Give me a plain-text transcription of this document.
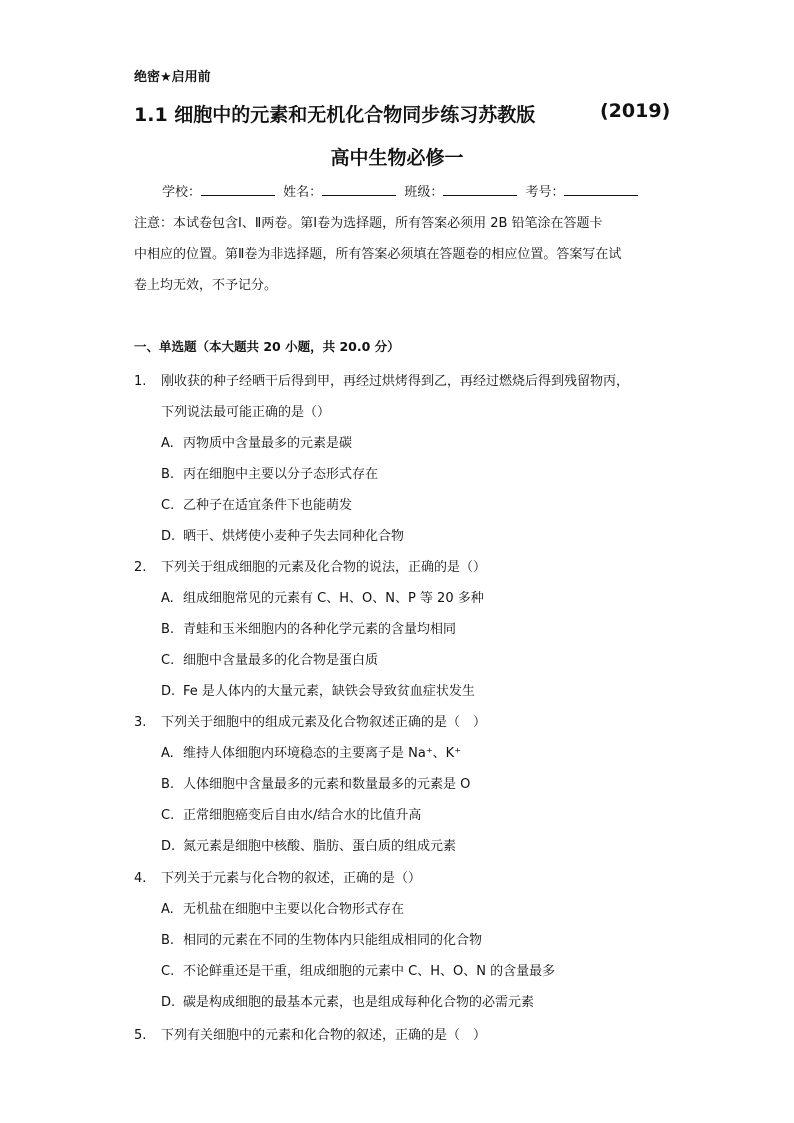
绝密★启用前
1.1 细胞中的元素和无机化合物同步练习苏教版	(2019)
高中生物必修一
学校：	姓名：	班级：	考号：
注意：本试卷包含Ⅰ、Ⅱ两卷。第Ⅰ卷为选择题，所有答案必须用 2B 铅笔涂在答题卡
中相应的位置。第Ⅱ卷为非选择题，所有答案必须填在答题卷的相应位置。答案写在试
卷上均无效，不予记分。
一、单选题（本大题共 20 小题，共 20.0 分）
1. 刚收获的种子经晒干后得到甲，再经过烘烤得到乙，再经过燃烧后得到残留物丙，
下列说法最可能正确的是（）
A. 丙物质中含量最多的元素是碳
B. 丙在细胞中主要以分子态形式存在
C. 乙种子在适宜条件下也能萌发
D. 晒干、烘烤使小麦种子失去同种化合物
2. 下列关于组成细胞的元素及化合物的说法，正确的是（）
A. 组成细胞常见的元素有 C、H、O、N、P 等 20 多种
B. 青蛙和玉米细胞内的各种化学元素的含量均相同
C. 细胞中含量最多的化合物是蛋白质
D. Fe 是人体内的大量元素，缺铁会导致贫血症状发生
3. 下列关于细胞中的组成元素及化合物叙述正确的是（　）
A. 维持人体细胞内环境稳态的主要离子是 Na⁺、K⁺
B. 人体细胞中含量最多的元素和数量最多的元素是 O
C. 正常细胞癌变后自由水/结合水的比值升高
D. 氮元素是细胞中核酸、脂肪、蛋白质的组成元素
4. 下列关于元素与化合物的叙述，正确的是（）
A. 无机盐在细胞中主要以化合物形式存在
B. 相同的元素在不同的生物体内只能组成相同的化合物
C. 不论鲜重还是干重，组成细胞的元素中 C、H、O、N 的含量最多
D. 碳是构成细胞的最基本元素，也是组成每种化合物的必需元素
5. 下列有关细胞中的元素和化合物的叙述，正确的是（　）
